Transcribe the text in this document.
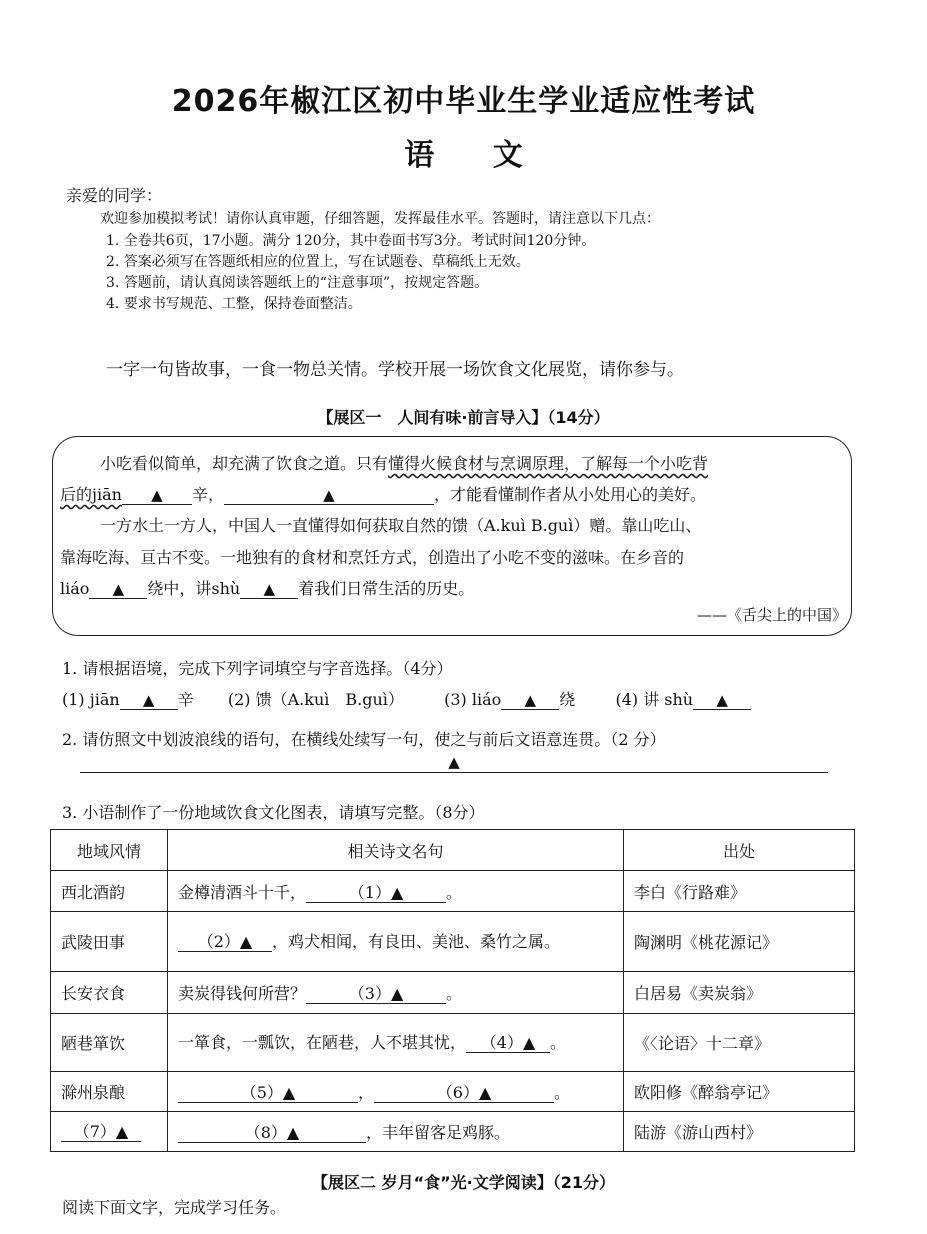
2026年椒江区初中毕业生学业适应性考试
语 文
亲爱的同学：
欢迎参加模拟考试！请你认真审题，仔细答题，发挥最佳水平。答题时，请注意以下几点：
1. 全卷共6页，17小题。满分 120分，其中卷面书写3分。考试时间120分钟。
2. 答案必须写在答题纸相应的位置上，写在试题卷、草稿纸上无效。
3. 答题前，请认真阅读答题纸上的“注意事项”，按规定答题。
4. 要求书写规范、工整，保持卷面整洁。
一字一句皆故事，一食一物总关情。学校开展一场饮食文化展览，请你参与。
【展区一　人间有味·前言导入】（14分）
小吃看似简单，却充满了饮食之道。只有懂得火候食材与烹调原理，了解每一个小吃背
后的jiān ▲ 辛，	▲	，才能看懂制作者从小处用心的美好。
一方水土一方人，中国人一直懂得如何获取自然的馈（A.kuì B.guì）赠。靠山吃山、
靠海吃海、亘古不变。一地独有的食材和烹饪方式，创造出了小吃不变的滋味。在乡音的
liáo ▲ 绕中，讲shù ▲ 着我们日常生活的历史。
——《舌尖上的中国》
1. 请根据语境，完成下列字词填空与字音选择。（4分）
(1) jiān ▲ 辛 (2) 馈（A.kuì　B.guì）	(3) liáo ▲ 绕	(4) 讲 shù ▲
2. 请仿照文中划波浪线的语句，在横线处续写一句，使之与前后文语意连贯。（2 分）
▲
3. 小语制作了一份地域饮食文化图表，请填写完整。（8分）
地域风情	相关诗文名句	出处
西北酒韵	金樽清酒斗十千， （1）▲ 。	李白《行路难》
武陵田事	（2）▲ ，鸡犬相闻，有良田、美池、桑竹之属。	陶渊明《桃花源记》
长安衣食	卖炭得钱何所营？ （3）▲ 。	白居易《卖炭翁》
陋巷箪饮	一箪食，一瓢饮，在陋巷，人不堪其忧， （4）▲ 。	《〈论语〉十二章》
滁州泉酿	（5）▲ ， （6）▲ 。	欧阳修《醉翁亭记》
（7）▲	（8）▲ ，丰年留客足鸡豚。	陆游《游山西村》
【展区二 岁月“食”光·文学阅读】（21分）
阅读下面文字，完成学习任务。
